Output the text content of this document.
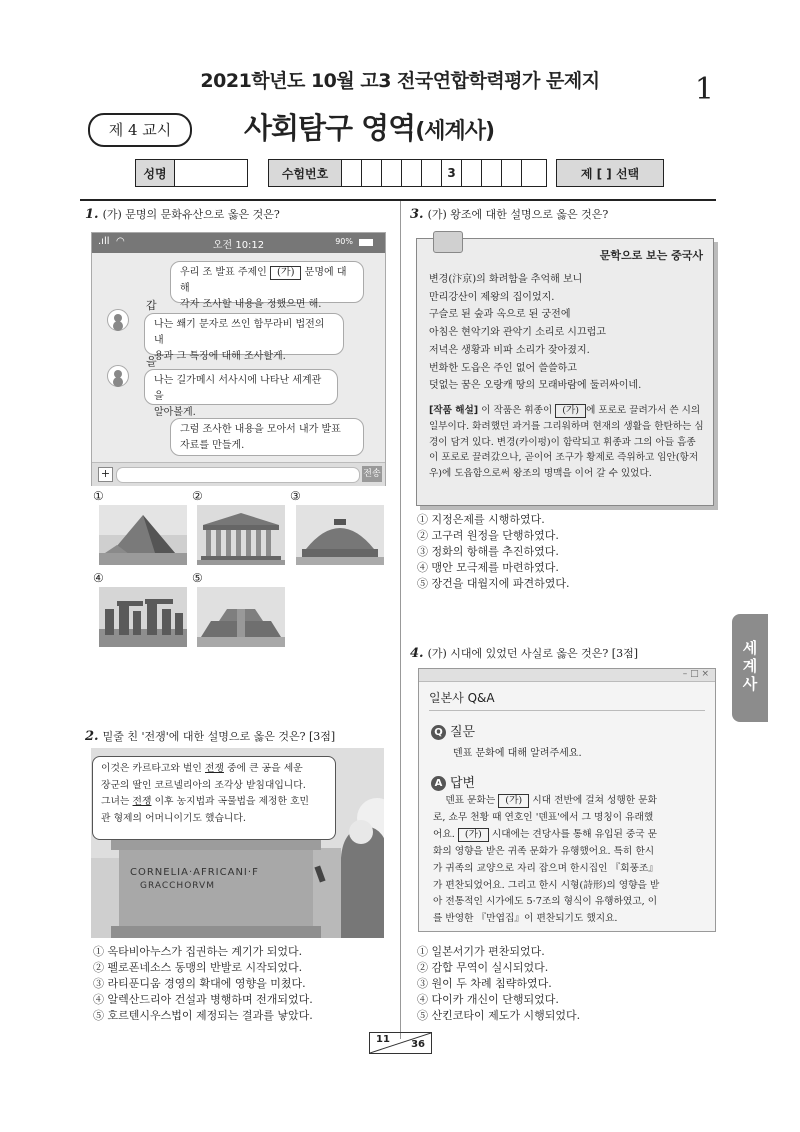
2021학년도 10월 고3 전국연합학력평가 문제지	1
제 4 교시	사회탐구 영역(세계사)
성명	수험번호	3	제 [ ] 선택
1. (가) 문명의 문화유산으로 옳은 것은?
.ıll ◠	오전 10:12	90%
우리 조 발표 주제인 (가) 문명에 대해
각자 조사할 내용을 정했으면 해.
갑
나는 쐐기 문자로 쓰인 함무라비 법전의 내
용과 그 특징에 대해 조사할게.
을
나는 길가메시 서사시에 나타난 세계관을
알아볼게.
그럼 조사한 내용을 모아서 내가 발표
자료를 만들게.
+	전송
①	②	③
④	⑤
2. 밑줄 친 '전쟁'에 대한 설명으로 옳은 것은? [3점]
CORNELIA·AFRICANI·F
GRACCHORVM
이것은 카르타고와 벌인 전쟁 중에 큰 공을 세운
장군의 딸인 코르넬리아의 조각상 받침대입니다.
그녀는 전쟁 이후 농지법과 곡물법을 제정한 호민
관 형제의 어머니이기도 했습니다.
① 옥타비아누스가 집권하는 계기가 되었다.
② 펠로폰네소스 동맹의 반발로 시작되었다.
③ 라티푼디움 경영의 확대에 영향을 미쳤다.
④ 알렉산드리아 건설과 병행하며 전개되었다.
⑤ 호르텐시우스법이 제정되는 결과를 낳았다.
3. (가) 왕조에 대한 설명으로 옳은 것은?
문학으로 보는 중국사
변경(汴京)의 화려함을 추억해 보니
만리강산이 제왕의 집이었지.
구슬로 된 숲과 옥으로 된 궁전에
아침은 현악기와 관악기 소리로 시끄럽고
저녁은 생황과 비파 소리가 잦아졌지.
번화한 도읍은 주인 없어 쓸쓸하고
덧없는 꿈은 오랑캐 땅의 모래바람에 둘러싸이네.
[작품 해설] 이 작품은 휘종이 (가) 에 포로로 끌려가서 쓴 시의 일부이다. 화려했던 과거를 그리워하며 현재의 생활을 한탄하는 심경이 담겨 있다. 변경(카이펑)이 함락되고 휘종과 그의 아들 흠종이 포로로 끌려갔으나, 곧이어 조구가 황제로 즉위하고 임안(항저우)에 도읍함으로써 왕조의 명맥을 이어 갈 수 있었다.
① 지정은제를 시행하였다.
② 고구려 원정을 단행하였다.
③ 정화의 항해를 추진하였다.
④ 맹안 모극제를 마련하였다.
⑤ 장건을 대월지에 파견하였다.
세계사
4. (가) 시대에 있었던 사실로 옳은 것은? [3점]
– □ ×
일본사 Q&A
Q 질문
덴표 문화에 대해 알려주세요.
A 답변
덴표 문화는 (가) 시대 전반에 걸쳐 성행한 문화
로, 쇼무 천황 때 연호인 '덴표'에서 그 명칭이 유래했
어요. (가) 시대에는 견당사를 통해 유입된 중국 문
화의 영향을 받은 귀족 문화가 유행했어요. 특히 한시
가 귀족의 교양으로 자리 잡으며 한시집인 『회풍조』
가 편찬되었어요. 그리고 한시 시형(詩形)의 영향을 받
아 전통적인 시가에도 5·7조의 형식이 유행하였고, 이
를 반영한 『만엽집』이 편찬되기도 했지요.
① 일본서기가 편찬되었다.
② 감합 무역이 실시되었다.
③ 원이 두 차례 침략하였다.
④ 다이카 개신이 단행되었다.
⑤ 산킨코타이 제도가 시행되었다.
11 36
